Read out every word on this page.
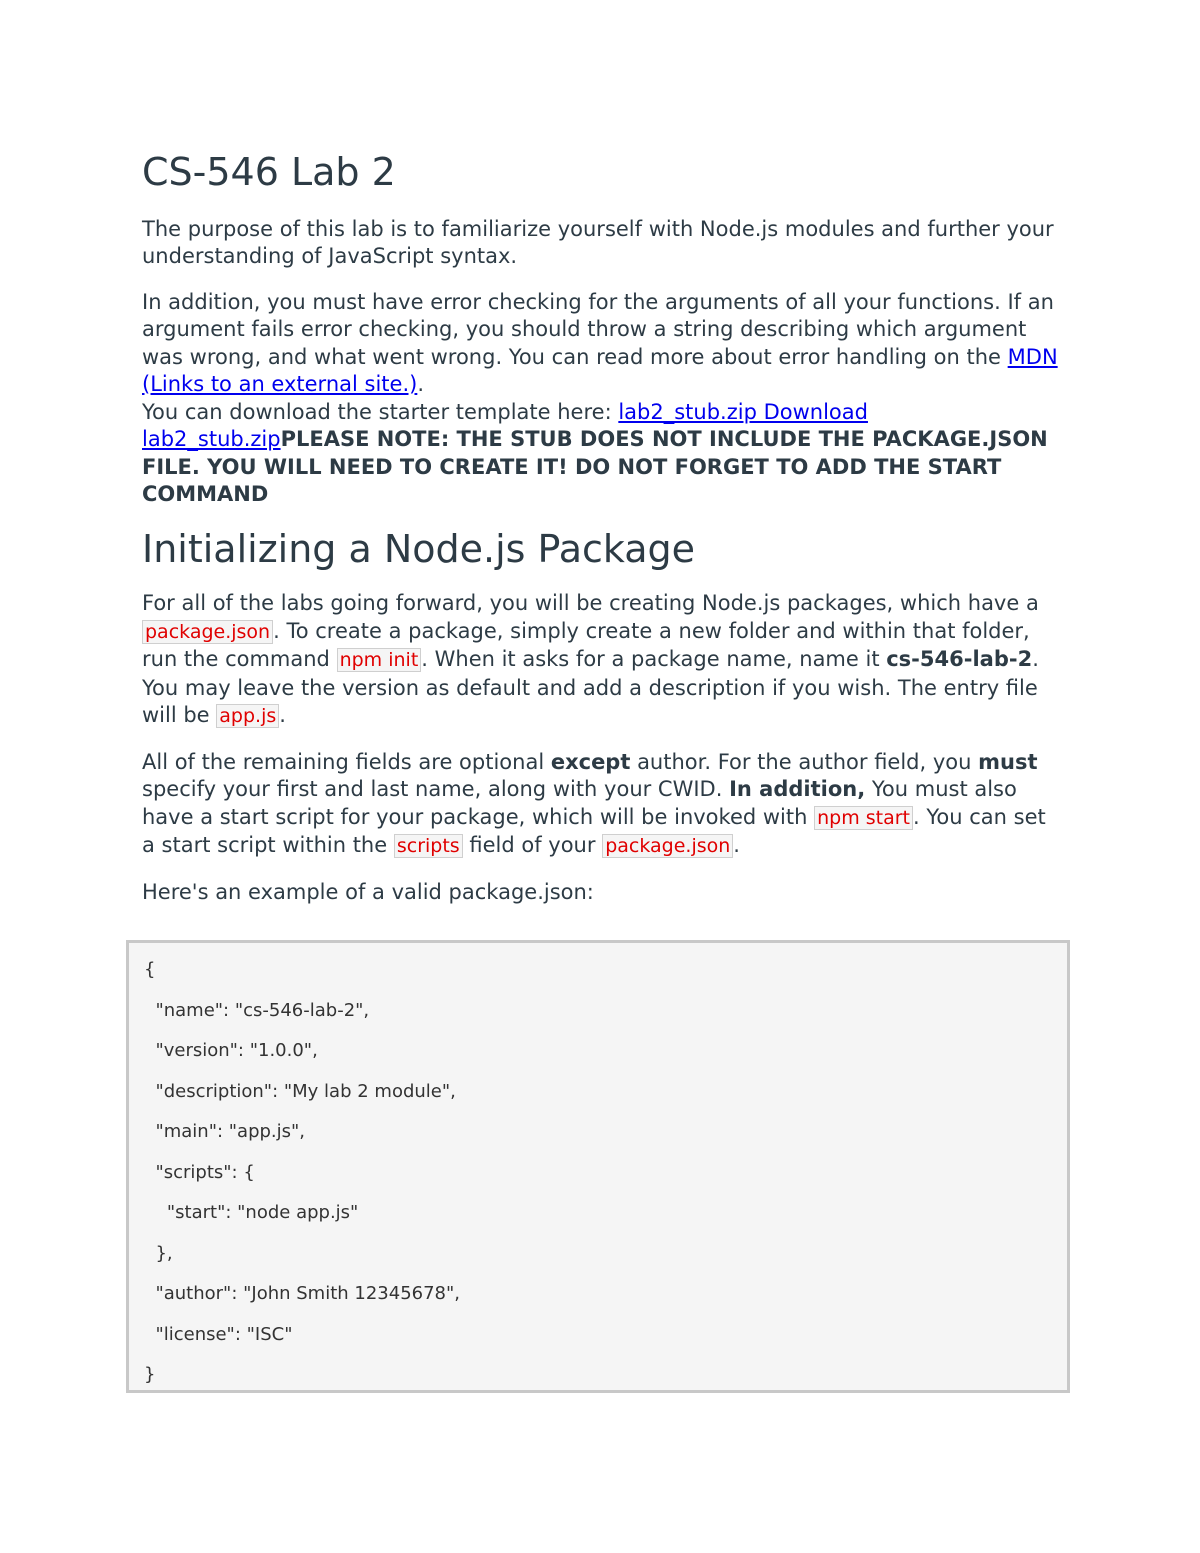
CS-546 Lab 2

The purpose of this lab is to familiarize yourself with Node.js modules and further your understanding of JavaScript syntax.

In addition, you must have error checking for the arguments of all your functions. If an argument fails error checking, you should throw a string describing which argument was wrong, and what went wrong. You can read more about error handling on the MDN (Links to an external site.).

You can download the starter template here: lab2_stub.zip Download lab2_stub.zipPLEASE NOTE: THE STUB DOES NOT INCLUDE THE PACKAGE.JSON FILE. YOU WILL NEED TO CREATE IT! DO NOT FORGET TO ADD THE START COMMAND

Initializing a Node.js Package

For all of the labs going forward, you will be creating Node.js packages, which have a package.json . To create a package, simply create a new folder and within that folder, run the command npm init . When it asks for a package name, name it cs-546-lab-2. You may leave the version as default and add a description if you wish. The entry file will be app.js .

All of the remaining fields are optional except author. For the author field, you must specify your first and last name, along with your CWID. In addition, You must also have a start script for your package, which will be invoked with npm start . You can set a start script within the scripts field of your package.json .

Here's an example of a valid package.json:

{
"name": "cs-546-lab-2",
"version": "1.0.0",
"description": "My lab 2 module",
"main": "app.js",
"scripts": {
"start": "node app.js"
},
"author": "John Smith 12345678",
"license": "ISC"
}
